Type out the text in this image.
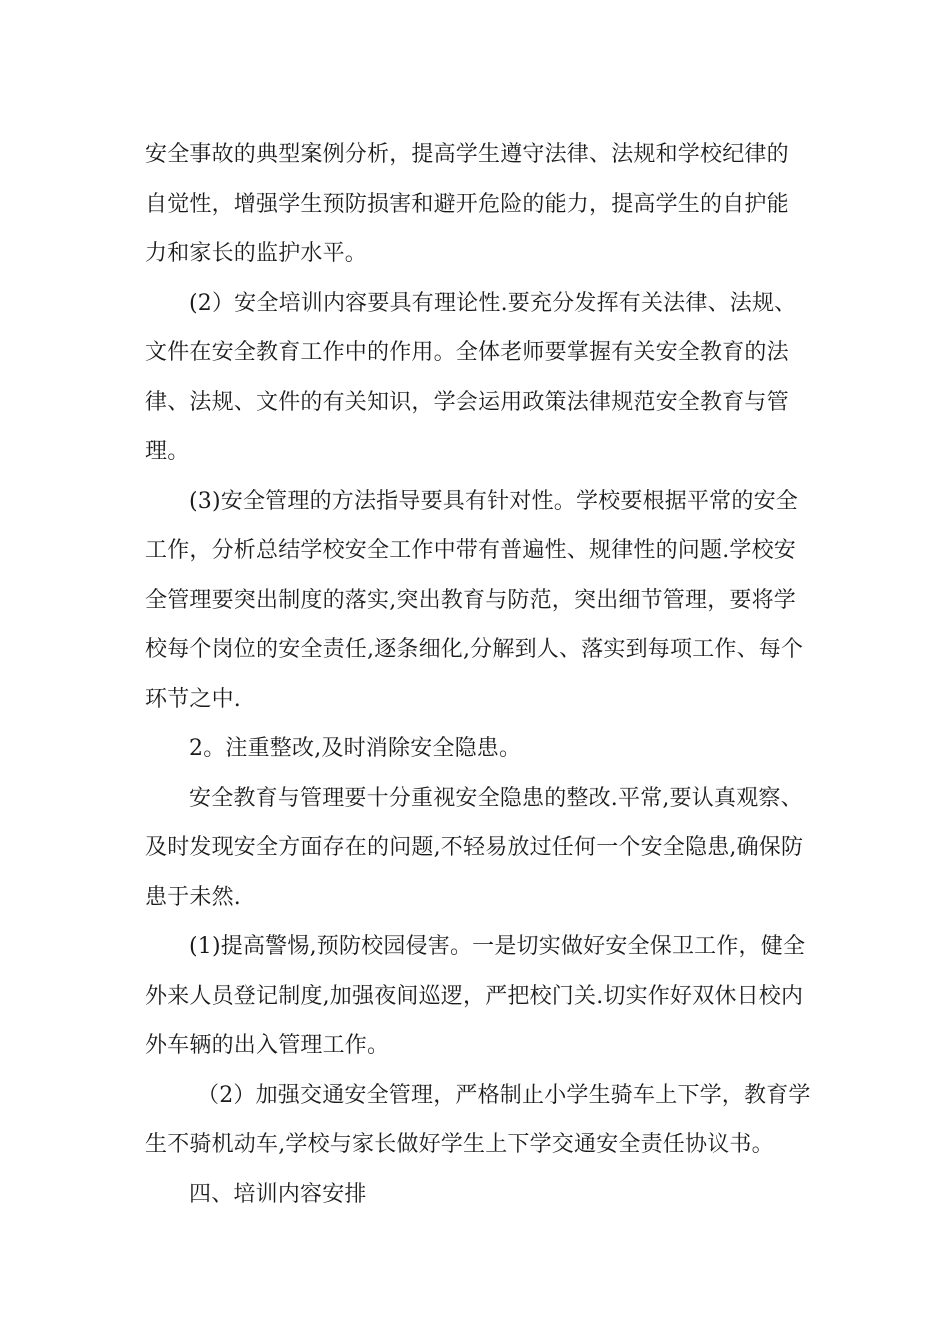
安全事故的典型案例分析，提高学生遵守法律、法规和学校纪律的
自觉性，增强学生预防损害和避开危险的能力，提高学生的自护能
力和家长的监护水平。
(2）安全培训内容要具有理论性.要充分发挥有关法律、法规、
文件在安全教育工作中的作用。全体老师要掌握有关安全教育的法
律、法规、文件的有关知识，学会运用政策法律规范安全教育与管
理。
(3)安全管理的方法指导要具有针对性。学校要根据平常的安全
工作，分析总结学校安全工作中带有普遍性、规律性的问题.学校安
全管理要突出制度的落实,突出教育与防范，突出细节管理，要将学
校每个岗位的安全责任,逐条细化,分解到人、落实到每项工作、每个
环节之中.
2。注重整改,及时消除安全隐患。
安全教育与管理要十分重视安全隐患的整改.平常,要认真观察、
及时发现安全方面存在的问题,不轻易放过任何一个安全隐患,确保防
患于未然.
(1)提高警惕,预防校园侵害。一是切实做好安全保卫工作，健全
外来人员登记制度,加强夜间巡逻，严把校门关.切实作好双休日校内
外车辆的出入管理工作。
（2）加强交通安全管理，严格制止小学生骑车上下学，教育学
生不骑机动车,学校与家长做好学生上下学交通安全责任协议书。
四、培训内容安排
